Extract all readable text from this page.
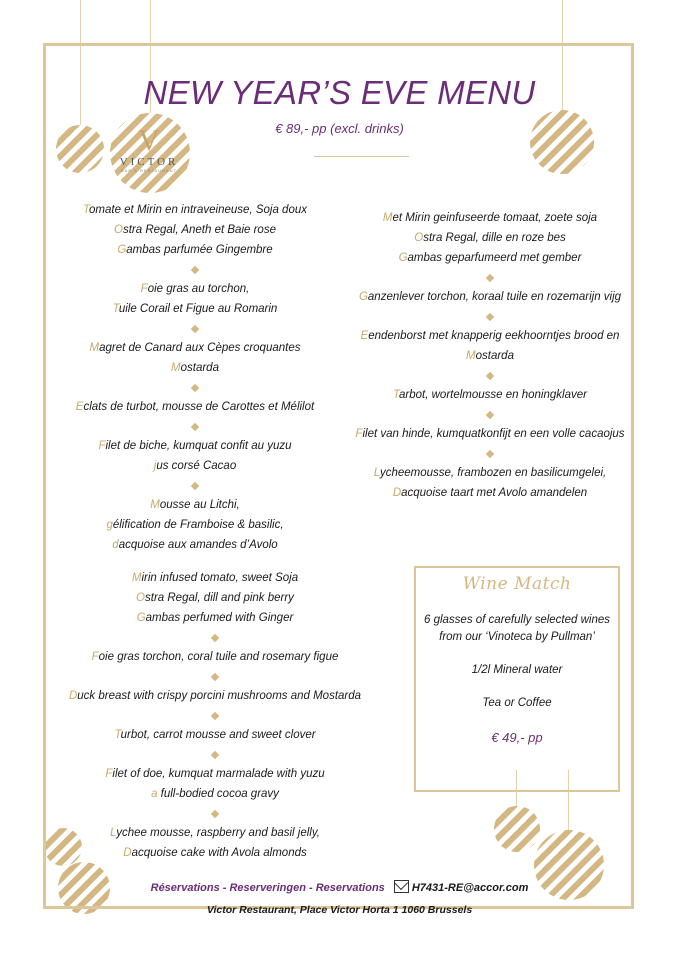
V
VICTOR
BAR & RESTAURANT
NEW YEAR’S EVE MENU
€ 89,- pp (excl. drinks)

Tomate et Mirin en intraveineuse, Soja doux

Ostra Regal, Aneth et Baie rose

Gambas parfumée Gingembre

Foie gras au torchon,

Tuile Corail et Figue au Romarin

Magret de Canard aux Cèpes croquantes

Mostarda

Eclats de turbot, mousse de Carottes et Mélilot

Filet de biche, kumquat confit au yuzu

jus corsé Cacao

Mousse au Litchi,

gélification de Framboise & basilic,

dacquoise aux amandes d’Avolo

Met Mirin geinfuseerde tomaat, zoete soja

Ostra Regal, dille en roze bes

Gambas geparfumeerd met gember

Ganzenlever torchon, koraal tuile en rozemarijn vijg

Eendenborst met knapperig eekhoorntjes brood en

Mostarda

Tarbot, wortelmousse en honingklaver

Filet van hinde, kumquatkonfijt en een volle cacaojus

Lycheemousse, frambozen en basilicumgelei,

Dacquoise taart met Avolo amandelen

Mirin infused tomato, sweet Soja

Ostra Regal, dill and pink berry

Gambas perfumed with Ginger

Foie gras torchon, coral tuile and rosemary figue

Duck breast with crispy porcini mushrooms and Mostarda

Turbot, carrot mousse and sweet clover

Filet of doe, kumquat marmalade with yuzu

a full-bodied cocoa gravy

Lychee mousse, raspberry and basil jelly,

Dacquoise cake with Avola almonds

Wine Match
6 glasses of carefully selected wines
from our ‘Vinoteca by Pullman’
1/2l Mineral water
Tea or Coffee
€ 49,- pp
Réservations - Reserveringen - Reservations H7431-RE@accor.com
Victor Restaurant, Place Victor Horta 1 1060 Brussels
